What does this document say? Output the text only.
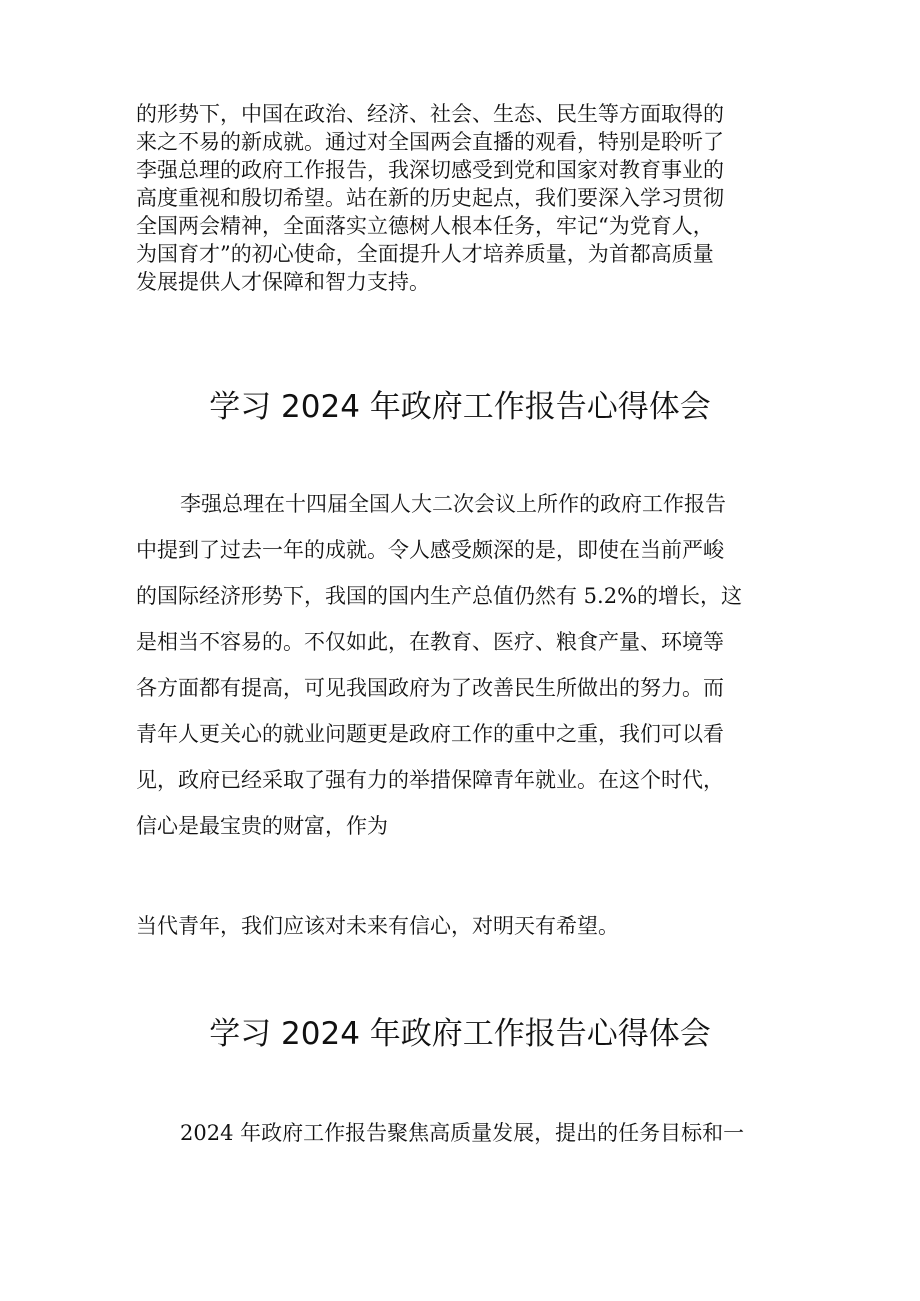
的形势下，中国在政治、经济、社会、生态、民生等方面取得的

来之不易的新成就。通过对全国两会直播的观看，特别是聆听了

李强总理的政府工作报告，我深切感受到党和国家对教育事业的

高度重视和殷切希望。站在新的历史起点，我们要深入学习贯彻

全国两会精神，全面落实立德树人根本任务，牢记“为党育人，

为国育才”的初心使命，全面提升人才培养质量，为首都高质量

发展提供人才保障和智力支持。

学习 2024 年政府工作报告心得体会

李强总理在十四届全国人大二次会议上所作的政府工作报告

中提到了过去一年的成就。令人感受颇深的是，即使在当前严峻

的国际经济形势下，我国的国内生产总值仍然有 5.2%的增长，这

是相当不容易的。不仅如此，在教育、医疗、粮食产量、环境等

各方面都有提高，可见我国政府为了改善民生所做出的努力。而

青年人更关心的就业问题更是政府工作的重中之重，我们可以看

见，政府已经采取了强有力的举措保障青年就业。在这个时代，

信心是最宝贵的财富，作为

当代青年，我们应该对未来有信心，对明天有希望。

学习 2024 年政府工作报告心得体会

2024 年政府工作报告聚焦高质量发展，提出的任务目标和一
